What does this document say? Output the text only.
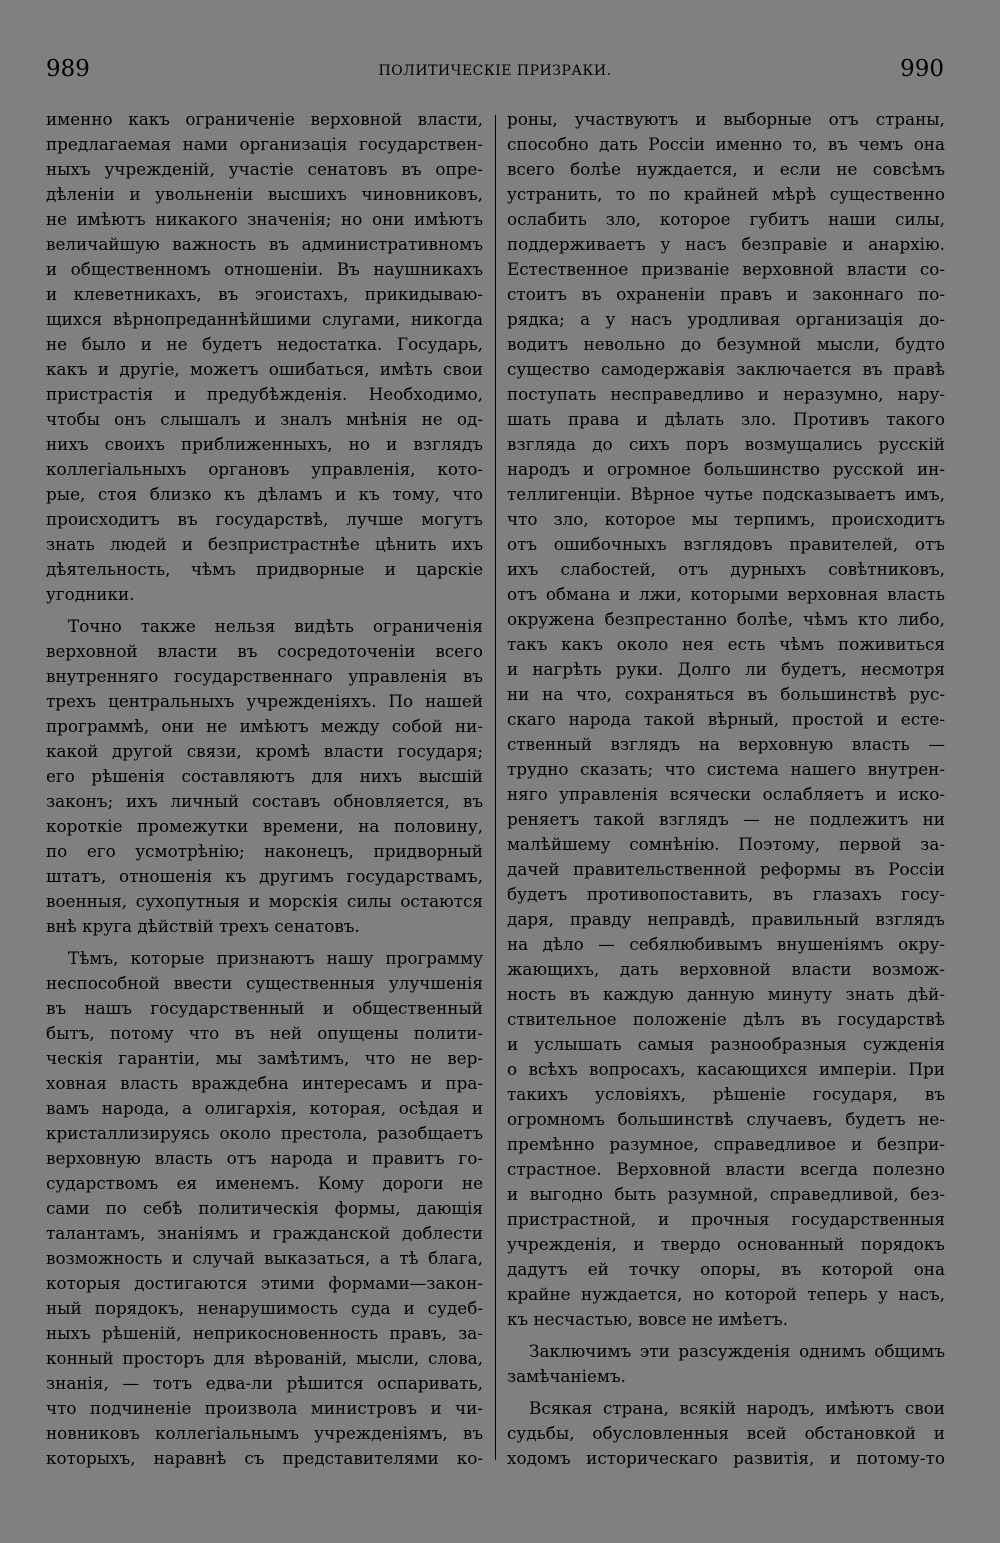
989	ПОЛИТИЧЕСКІЕ ПРИЗРАКИ.	990
именно какъ ограниченіе верховной власти,
предлагаемая нами организація государствен-
ныхъ учрежденій, участіе сенатовъ въ опре-
дѣленіи и увольненіи высшихъ чиновниковъ,
не имѣютъ никакого значенія; но они имѣютъ
величайшую важность въ административномъ
и общественномъ отношеніи. Въ наушникахъ
и клеветникахъ, въ эгоистахъ, прикидываю-
щихся вѣрнопреданнѣйшими слугами, никогда
не было и не будетъ недостатка. Государь,
какъ и другіе, можетъ ошибаться, имѣть свои
пристрастія и предубѣжденія. Необходимо,
чтобы онъ слышалъ и зналъ мнѣнія не од-
нихъ своихъ приближенныхъ, но и взглядъ
коллегіальныхъ органовъ управленія, кото-
рые, стоя близко къ дѣламъ и къ тому, что
происходитъ въ государствѣ, лучше могутъ
знать людей и безпристрастнѣе цѣнить ихъ
дѣятельность, чѣмъ придворные и царскіе
угодники.
Точно также нельзя видѣть ограниченія
верховной власти въ сосредоточеніи всего
внутренняго государственнаго управленія въ
трехъ центральныхъ учрежденіяхъ. По нашей
программѣ, они не имѣютъ между собой ни-
какой другой связи, кромѣ власти государя;
его рѣшенія составляютъ для нихъ высшій
законъ; ихъ личный составъ обновляется, въ
короткіе промежутки времени, на половину,
по его усмотрѣнію; наконецъ, придворный
штатъ, отношенія къ другимъ государствамъ,
военныя, сухопутныя и морскія силы остаются
внѣ круга дѣйствій трехъ сенатовъ.
Тѣмъ, которые признаютъ нашу программу
неспособной ввести существенныя улучшенія
въ нашъ государственный и общественный
бытъ, потому что въ ней опущены полити-
ческія гарантіи, мы замѣтимъ, что не вер-
ховная власть враждебна интересамъ и пра-
вамъ народа, а олигархія, которая, осѣдая и
кристаллизируясь около престола, разобщаетъ
верховную власть отъ народа и правитъ го-
сударствомъ ея именемъ. Кому дороги не
сами по себѣ политическія формы, дающія
талантамъ, знаніямъ и гражданской доблести
возможность и случай выказаться, а тѣ блага,
которыя достигаются этими формами—закон-
ный порядокъ, ненарушимость суда и судеб-
ныхъ рѣшеній, неприкосновенность правъ, за-
конный просторъ для вѣрованій, мысли, слова,
знанія, — тотъ едва-ли рѣшится оспаривать,
что подчиненіе произвола министровъ и чи-
новниковъ коллегіальнымъ учрежденіямъ, въ
которыхъ, наравнѣ съ представителями ко-
роны, участвуютъ и выборные отъ страны,
способно дать Россіи именно то, въ чемъ она
всего болѣе нуждается, и если не совсѣмъ
устранить, то по крайней мѣрѣ существенно
ослабить зло, которое губитъ наши силы,
поддерживаетъ у насъ безправіе и анархію.
Естественное призваніе верховной власти со-
стоитъ въ охраненіи правъ и законнаго по-
рядка; а у насъ уродливая организація до-
водитъ невольно до безумной мысли, будто
существо самодержавія заключается въ правѣ
поступать несправедливо и неразумно, нару-
шать права и дѣлать зло. Противъ такого
взгляда до сихъ поръ возмущались русскій
народъ и огромное большинство русской ин-
теллигенціи. Вѣрное чутье подсказываетъ имъ,
что зло, которое мы терпимъ, происходитъ
отъ ошибочныхъ взглядовъ правителей, отъ
ихъ слабостей, отъ дурныхъ совѣтниковъ,
отъ обмана и лжи, которыми верховная власть
окружена безпрестанно болѣе, чѣмъ кто либо,
такъ какъ около нея есть чѣмъ поживиться
и нагрѣть руки. Долго ли будетъ, несмотря
ни на что, сохраняться въ большинствѣ рус-
скаго народа такой вѣрный, простой и есте-
ственный взглядъ на верховную власть —
трудно сказать; что система нашего внутрен-
няго управленія всячески ослабляетъ и искo-
реняетъ такой взглядъ — не подлежитъ ни
малѣйшему сомнѣнію. Поэтому, первой за-
дачей правительственной реформы въ Россіи
будетъ противопоставить, въ глазахъ госу-
даря, правду неправдѣ, правильный взглядъ
на дѣло — себялюбивымъ внушеніямъ окру-
жающихъ, дать верховной власти возмож-
ность въ каждую данную минуту знать дѣй-
ствительное положеніе дѣлъ въ государствѣ
и услышать самыя разнообразныя сужденія
о всѣхъ вопросахъ, касающихся имперіи. При
такихъ условіяхъ, рѣшеніе государя, въ
огромномъ большинствѣ случаевъ, будетъ не-
премѣнно разумное, справедливое и безпри-
страстное. Верховной власти всегда полезно
и выгодно быть разумной, справедливой, без-
пристрастной, и прочныя государственныя
учрежденія, и твердо основанный порядокъ
дадутъ ей точку опоры, въ которой она
крайне нуждается, но которой теперь у насъ,
къ несчастью, вовсе не имѣетъ.
Заключимъ эти разсужденія однимъ общимъ
замѣчаніемъ.
Всякая страна, всякій народъ, имѣютъ свои
судьбы, обусловленныя всей обстановкой и
ходомъ историческаго развитія, и потому-то
